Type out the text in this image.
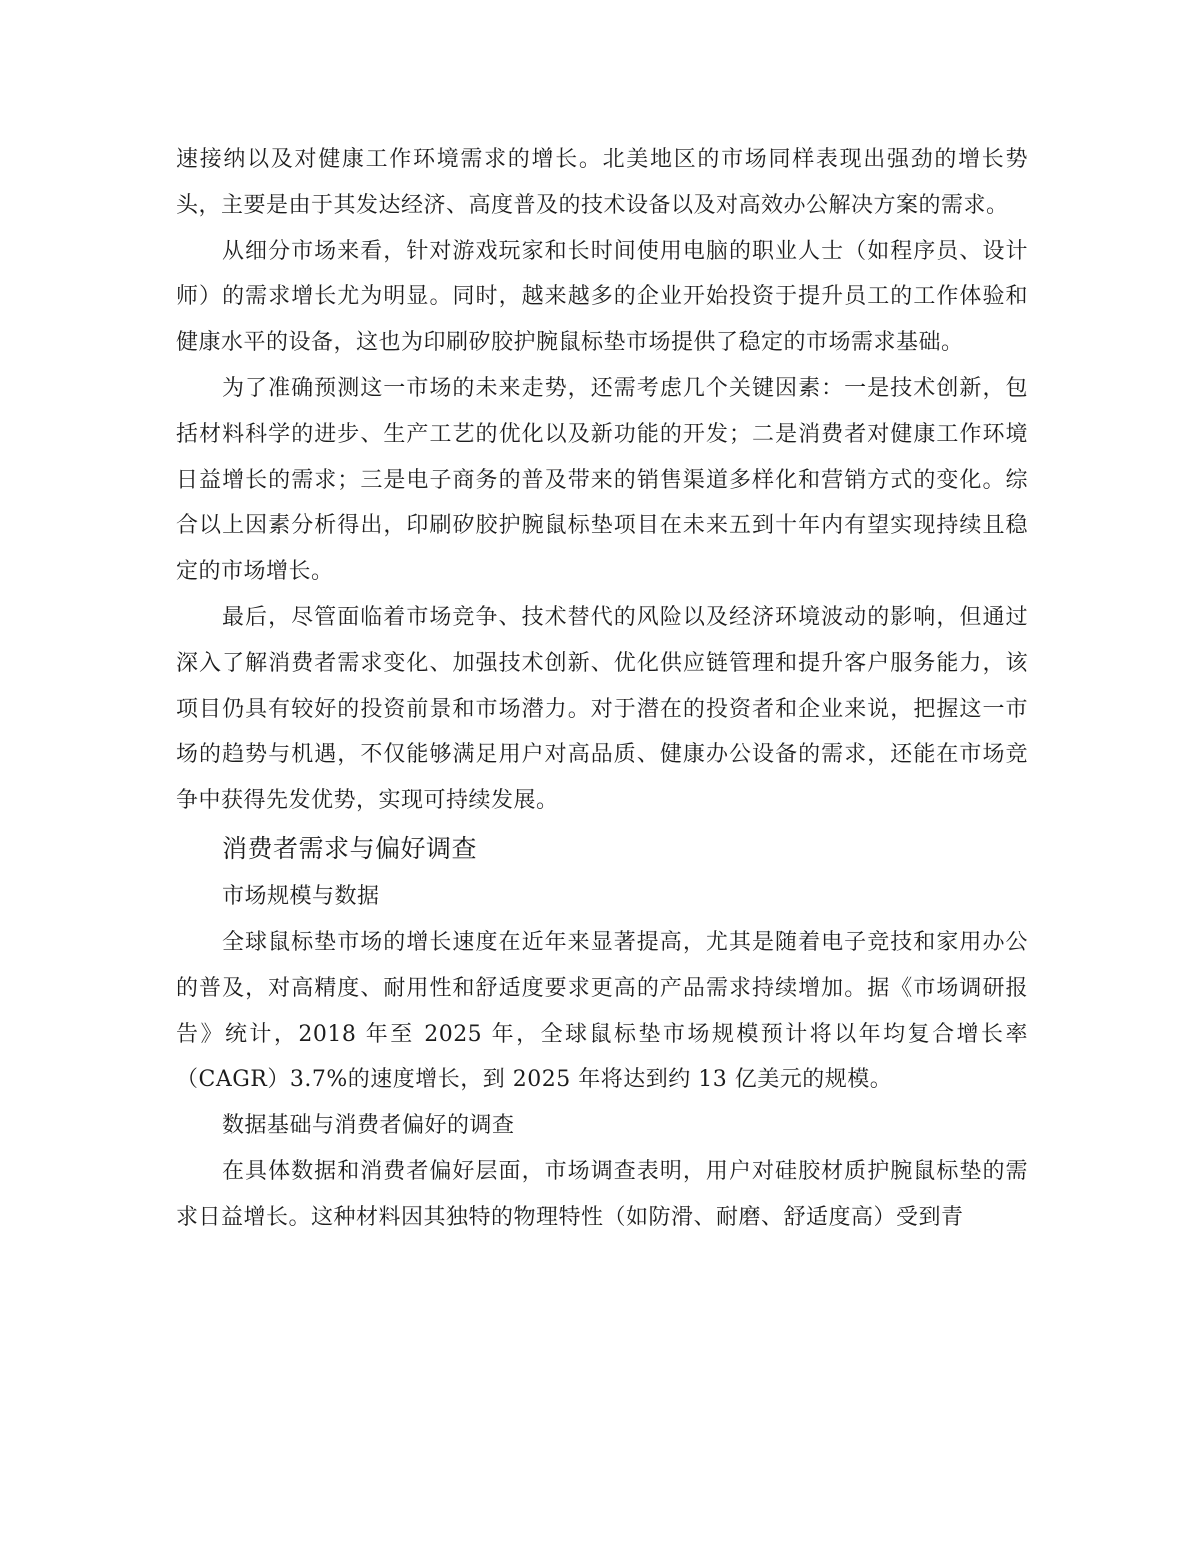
速接纳以及对健康工作环境需求的增长。北美地区的市场同样表现出强劲的增长势头，主要是由于其发达经济、高度普及的技术设备以及对高效办公解决方案的需求。

从细分市场来看，针对游戏玩家和长时间使用电脑的职业人士（如程序员、设计师）的需求增长尤为明显。同时，越来越多的企业开始投资于提升员工的工作体验和健康水平的设备，这也为印刷矽胶护腕鼠标垫市场提供了稳定的市场需求基础。

为了准确预测这一市场的未来走势，还需考虑几个关键因素：一是技术创新，包括材料科学的进步、生产工艺的优化以及新功能的开发；二是消费者对健康工作环境日益增长的需求；三是电子商务的普及带来的销售渠道多样化和营销方式的变化。综合以上因素分析得出，印刷矽胶护腕鼠标垫项目在未来五到十年内有望实现持续且稳定的市场增长。

最后，尽管面临着市场竞争、技术替代的风险以及经济环境波动的影响，但通过深入了解消费者需求变化、加强技术创新、优化供应链管理和提升客户服务能力，该项目仍具有较好的投资前景和市场潜力。对于潜在的投资者和企业来说，把握这一市场的趋势与机遇，不仅能够满足用户对高品质、健康办公设备的需求，还能在市场竞争中获得先发优势，实现可持续发展。

消费者需求与偏好调查
市场规模与数据

全球鼠标垫市场的增长速度在近年来显著提高，尤其是随着电子竞技和家用办公的普及，对高精度、耐用性和舒适度要求更高的产品需求持续增加。据《市场调研报告》统计，2018 年至 2025 年，全球鼠标垫市场规模预计将以年均复合增长率（CAGR）3.7%的速度增长，到 2025 年将达到约 13 亿美元的规模。

数据基础与消费者偏好的调查

在具体数据和消费者偏好层面，市场调查表明，用户对硅胶材质护腕鼠标垫的需求日益增长。这种材料因其独特的物理特性（如防滑、耐磨、舒适度高）受到青
